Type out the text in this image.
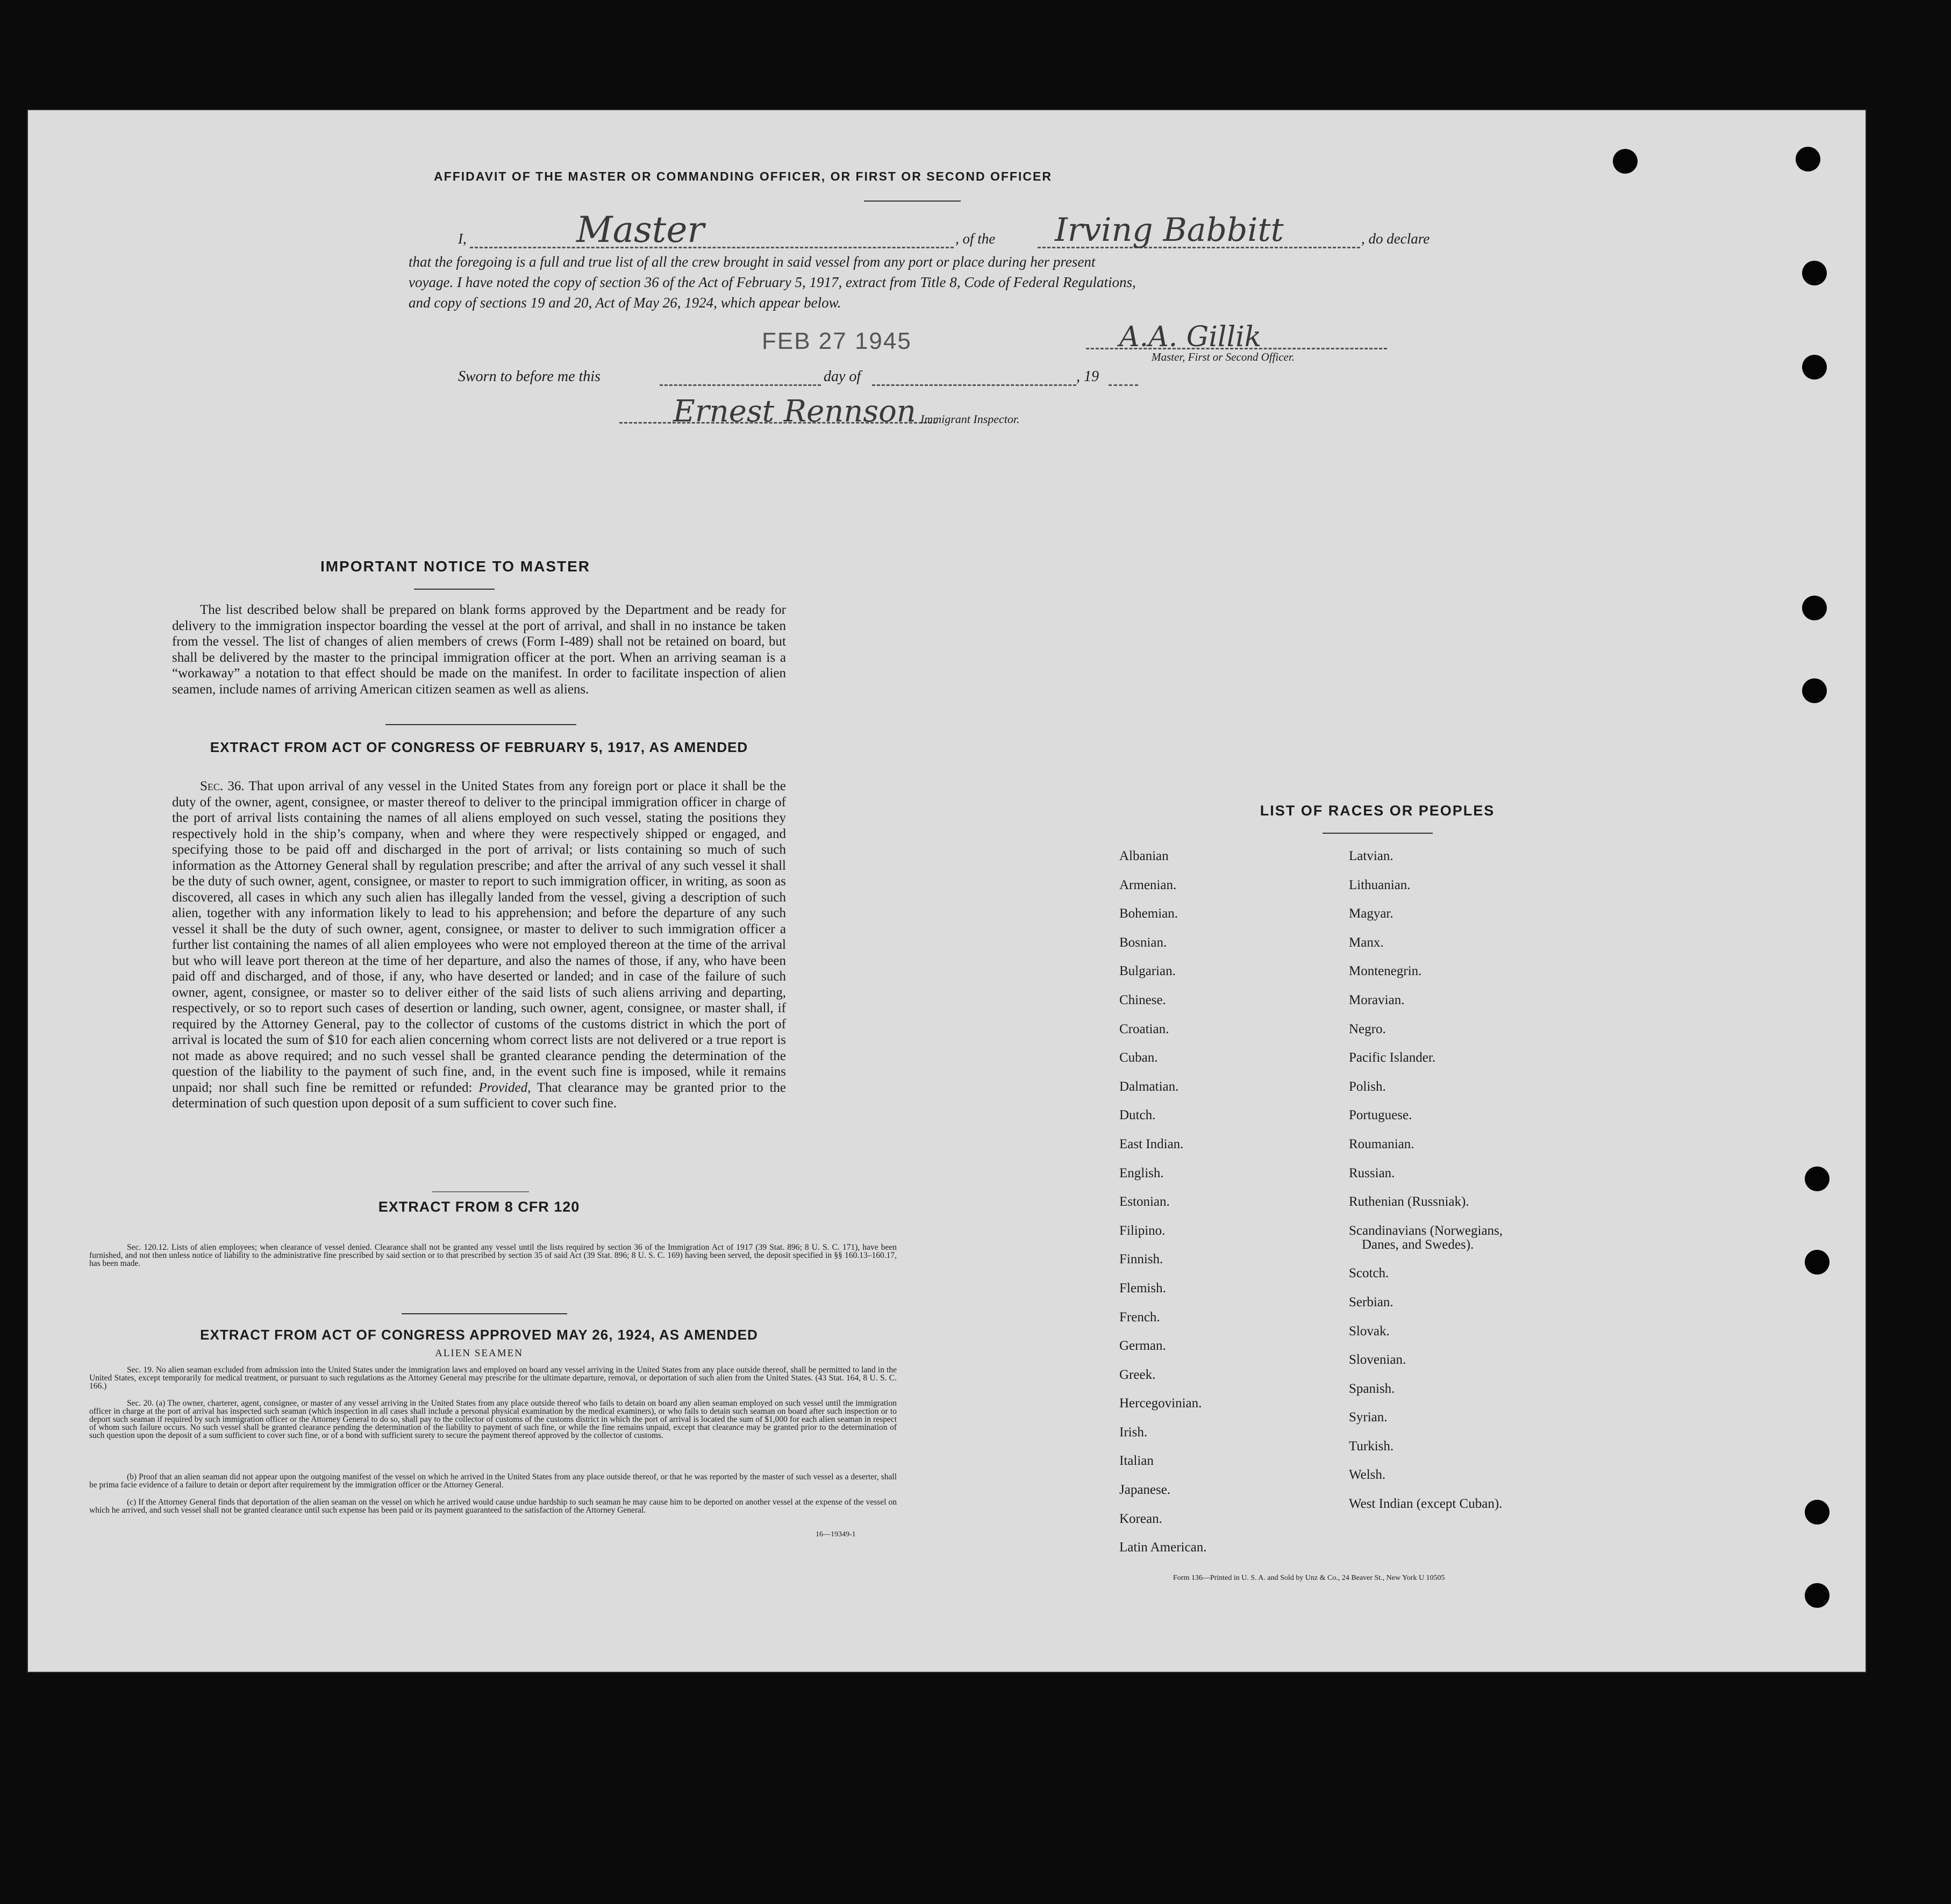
AFFIDAVIT OF THE MASTER OR COMMANDING OFFICER, OR FIRST OR SECOND OFFICER
I,	Master	, of the Irving Babbitt	, do declare
that the foregoing is a full and true list of all the crew brought in said vessel from any port or place during her present
voyage. I have noted the copy of section 36 of the Act of February 5, 1917, extract from Title 8, Code of Federal Regulations,
and copy of sections 19 and 20, Act of May 26, 1924, which appear below.
FEB 27 1945	A.A. Gillik
Master, First or Second Officer.
Sworn to before me this	day of	, 19
Ernest Rennson Immigrant Inspector.
IMPORTANT NOTICE TO MASTER
The list described below shall be prepared on blank forms approved by the Department and be ready for delivery to the immigration inspector boarding the vessel at the port of arrival, and shall in no instance be taken from the vessel. The list of changes of alien members of crews (Form I-489) shall not be retained on board, but shall be delivered by the master to the principal immigration officer at the port. When an arriving seaman is a “workaway” a notation to that effect should be made on the manifest. In order to facilitate inspection of alien seamen, include names of arriving American citizen seamen as well as aliens.
EXTRACT FROM ACT OF CONGRESS OF FEBRUARY 5, 1917, AS AMENDED
Sec. 36. That upon arrival of any vessel in the United States from any foreign port or place it shall be the duty of the owner, agent, consignee, or master thereof to deliver to the principal immigration officer in charge of the port of arrival lists containing the names of all aliens employed on such vessel, stating the positions they respectively hold in the ship’s company, when and where they were respectively shipped or engaged, and specifying those to be paid off and discharged in the port of arrival; or lists containing so much of such information as the Attorney General shall by regulation prescribe; and after the arrival of any such vessel it shall be the duty of such owner, agent, consignee, or master to report to such immigration officer, in writing, as soon as discovered, all cases in which any such alien has illegally landed from the vessel, giving a description of such alien, together with any information likely to lead to his apprehension; and before the departure of any such vessel it shall be the duty of such owner, agent, consignee, or master to deliver to such immigration officer a further list containing the names of all alien employees who were not employed thereon at the time of the arrival but who will leave port thereon at the time of her departure, and also the names of those, if any, who have been paid off and discharged, and of those, if any, who have deserted or landed; and in case of the failure of such owner, agent, consignee, or master so to deliver either of the said lists of such aliens arriving and departing, respectively, or so to report such cases of desertion or landing, such owner, agent, consignee, or master shall, if required by the Attorney General, pay to the collector of customs of the customs district in which the port of arrival is located the sum of $10 for each alien concerning whom correct lists are not delivered or a true report is not made as above required; and no such vessel shall be granted clearance pending the determination of the question of the liability to the payment of such fine, and, in the event such fine is imposed, while it remains unpaid; nor shall such fine be remitted or refunded: Provided, That clearance may be granted prior to the determination of such question upon deposit of a sum sufficient to cover such fine.
EXTRACT FROM 8 CFR 120
Sec. 120.12. Lists of alien employees; when clearance of vessel denied. Clearance shall not be granted any vessel until the lists required by section 36 of the Immigration Act of 1917 (39 Stat. 896; 8 U. S. C. 171), have been furnished, and not then unless notice of liability to the administrative fine prescribed by said section or to that prescribed by section 35 of said Act (39 Stat. 896; 8 U. S. C. 169) having been served, the deposit specified in §§ 160.13–160.17, has been made.
EXTRACT FROM ACT OF CONGRESS APPROVED MAY 26, 1924, AS AMENDED
ALIEN SEAMEN
Sec. 19. No alien seaman excluded from admission into the United States under the immigration laws and employed on board any vessel arriving in the United States from any place outside thereof, shall be permitted to land in the United States, except temporarily for medical treatment, or pursuant to such regulations as the Attorney General may prescribe for the ultimate departure, removal, or deportation of such alien from the United States. (43 Stat. 164, 8 U. S. C. 166.)
Sec. 20. (a) The owner, charterer, agent, consignee, or master of any vessel arriving in the United States from any place outside thereof who fails to detain on board any alien seaman employed on such vessel until the immigration officer in charge at the port of arrival has inspected such seaman (which inspection in all cases shall include a personal physical examination by the medical examiners), or who fails to detain such seaman on board after such inspection or to deport such seaman if required by such immigration officer or the Attorney General to do so, shall pay to the collector of customs of the customs district in which the port of arrival is located the sum of $1,000 for each alien seaman in respect of whom such failure occurs. No such vessel shall be granted clearance pending the determination of the liability to payment of such fine, or while the fine remains unpaid, except that clearance may be granted prior to the determination of such question upon the deposit of a sum sufficient to cover such fine, or of a bond with sufficient surety to secure the payment thereof approved by the collector of customs.
(b) Proof that an alien seaman did not appear upon the outgoing manifest of the vessel on which he arrived in the United States from any place outside thereof, or that he was reported by the master of such vessel as a deserter, shall be prima facie evidence of a failure to detain or deport after requirement by the immigration officer or the Attorney General.
(c) If the Attorney General finds that deportation of the alien seaman on the vessel on which he arrived would cause undue hardship to such seaman he may cause him to be deported on another vessel at the expense of the vessel on which he arrived, and such vessel shall not be granted clearance until such expense has been paid or its payment guaranteed to the satisfaction of the Attorney General.
16—19349-1
LIST OF RACES OR PEOPLES
Albanian
Armenian.
Bohemian.
Bosnian.
Bulgarian.
Chinese.
Croatian.
Cuban.
Dalmatian.
Dutch.
East Indian.
English.
Estonian.
Filipino.
Finnish.
Flemish.
French.
German.
Greek.
Hercegovinian.
Irish.
Italian
Japanese.
Korean.
Latin American.
Latvian.
Lithuanian.
Magyar.
Manx.
Montenegrin.
Moravian.
Negro.
Pacific Islander.
Polish.
Portuguese.
Roumanian.
Russian.
Ruthenian (Russniak).
Scandinavians (Norwegians,
Danes, and Swedes).
Scotch.
Serbian.
Slovak.
Slovenian.
Spanish.
Syrian.
Turkish.
Welsh.
West Indian (except Cuban).
Form 136—Printed in U. S. A. and Sold by Unz & Co., 24 Beaver St., New York U 10505
